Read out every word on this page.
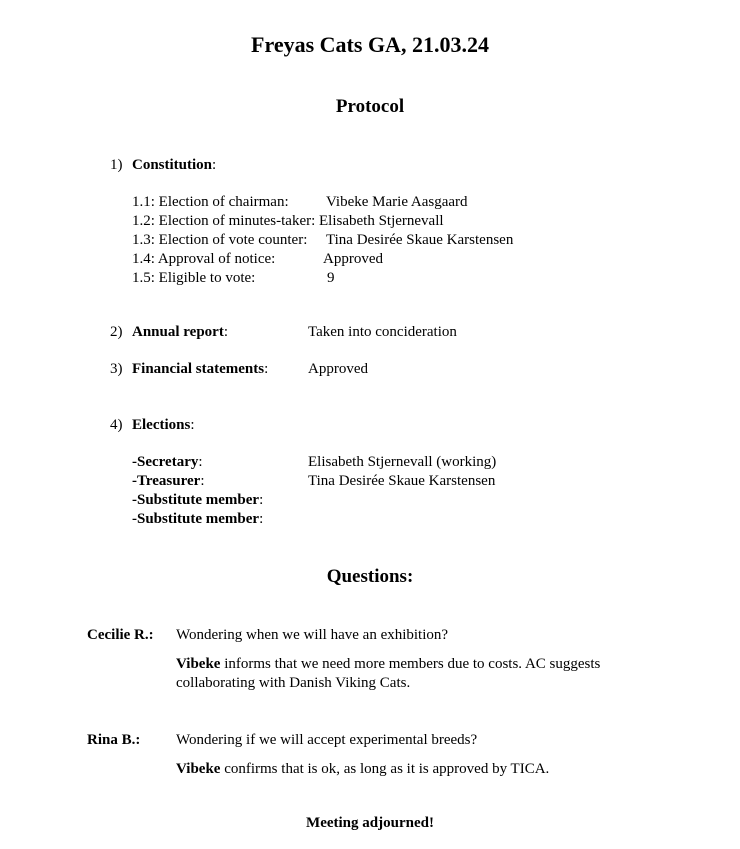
Freyas Cats GA, 21.03.24
Protocol
1) Constitution:
1.1: Election of chairman: Vibeke Marie Aasgaard
1.2: Election of minutes-taker: Elisabeth Stjernevall
1.3: Election of vote counter: Tina Desirée Skaue Karstensen
1.4: Approval of notice:	Approved
1.5: Eligible to vote:	9
2) Annual report:	Taken into concideration
3) Financial statements:	Approved
4) Elections:
-Secretary:	Elisabeth Stjernevall (working)
-Treasurer:	Tina Desirée Skaue Karstensen
-Substitute member:
-Substitute member:
Questions:
Cecilie R.: Wondering when we will have an exhibition?
Vibeke informs that we need more members due to costs. AC suggests collaborating with Danish Viking Cats.
Rina B.: Wondering if we will accept experimental breeds?
Vibeke confirms that is ok, as long as it is approved by TICA.
Meeting adjourned!
